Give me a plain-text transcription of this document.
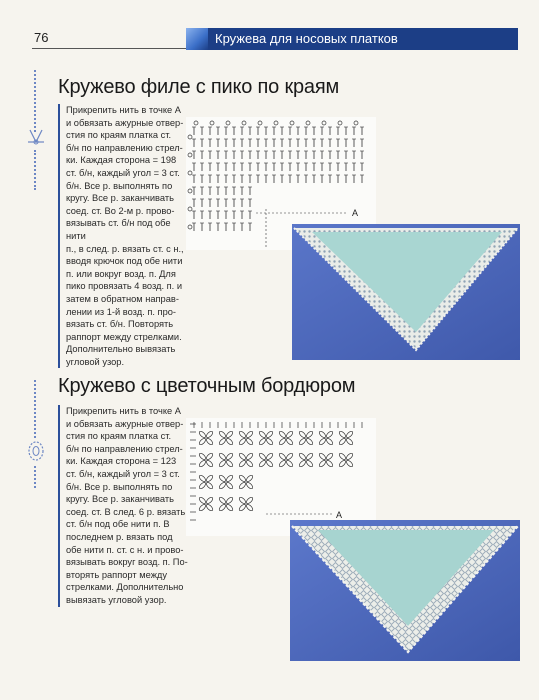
76	Кружева для носовых платков
Кружево филе с пико по краям
Прикрепить нить в точке А
и обвязать ажурные отвер-
стия по краям платка ст.
б/н по направлению стрел-
ки. Каждая сторона = 198
ст. б/н, каждый угол = 3 ст.
б/н. Все р. выполнять по
кругу. Все р. заканчивать
соед. ст. Во 2-м р. прово-
вязывать ст. б/н под обе нити
п., в след. р. вязать ст. с н.,
вводя крючок под обе нити
п. или вокруг возд. п. Для
пико провязать 4 возд. п. и
затем в обратном направ-
лении из 1-й возд. п. про-
вязать ст. б/н. Повторять
раппорт между стрелками.
Дополнительно вывязать
угловой узор.
A
Кружево с цветочным бордюром
Прикрепить нить в точке А
и обвязать ажурные отвер-
стия по краям платка ст.
б/н по направлению стрел-
ки. Каждая сторона = 123
ст. б/н, каждый угол = 3 ст.
б/н. Все р. выполнять по
кругу. Все р. заканчивать
соед. ст. В след. 6 р. вязать
ст. б/н под обе нити п. В
последнем р. вязать под
обе нити п. ст. с н. и прово-
вязывать вокруг возд. п. По-
вторять раппорт между
стрелками. Дополнительно
вывязать угловой узор.
A
